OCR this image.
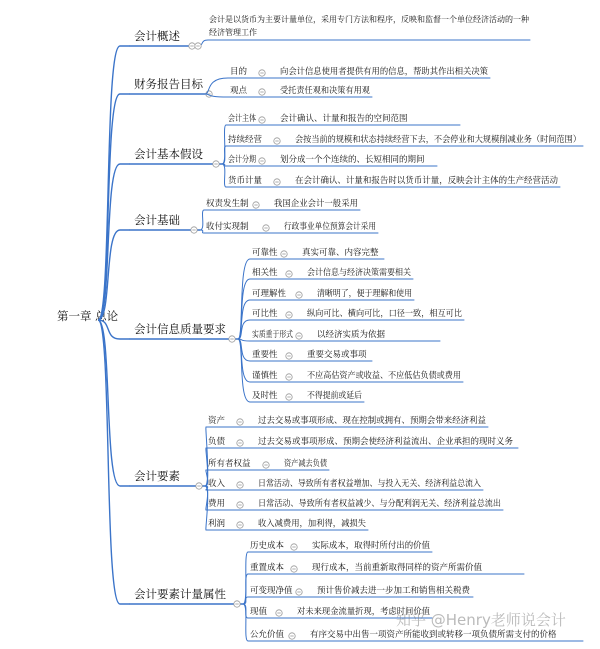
第一章 总论
会计概述
会计是以货币为主要计量单位，采用专门方法和程序，反映和监督一个单位经济活动的一种
经济管理工作
财务报告目标
目的	向会计信息使用者提供有用的信息，帮助其作出相关决策
观点	受托责任观和决策有用观
会计基本假设
会计主体 会计确认、计量和报告的空间范围
持续经营	会按当前的规模和状态持续经营下去，不会停业和大规模削减业务（时间范围）
会计分期 划分成一个个连续的、长短相同的期间
货币计量	在会计确认、计量和报告时以货币计量，反映会计主体的生产经营活动
会计基础
权责发生制	我国企业会计一般采用
收付实现制	行政事业单位预算会计采用
会计信息质量要求
可靠性	真实可靠、内容完整
相关性	会计信息与经济决策需要相关
可理解性	清晰明了，便于理解和使用
可比性	纵向可比、横向可比，口径一致，相互可比
实质重于形式 以经济实质为依据
重要性	重要交易或事项
谨慎性	不应高估资产或收益、不应低估负债或费用
及时性	不得提前或延后
会计要素
资产	过去交易或事项形成、现在控制或拥有、预期会带来经济利益
负债	过去交易或事项形成、预期会使经济利益流出、企业承担的现时义务
所有者权益	资产减去负债
收入	日常活动、导致所有者权益增加、与投入无关、经济利益总流入
费用	日常活动、导致所有者权益减少、与分配利润无关、经济利益总流出
利润	收入减费用，加利得，减损失
会计要素计量属性
历史成本	实际成本，取得时所付出的价值
重置成本	现行成本，当前重新取得同样的资产所需价值
可变现净值	预计售价减去进一步加工和销售相关税费
现值	对未来现金流量折现，考虑时间价值
公允价值	有序交易中出售一项资产所能收到或转移一项负债所需支付的价格
知乎 @Henry老师说会计
